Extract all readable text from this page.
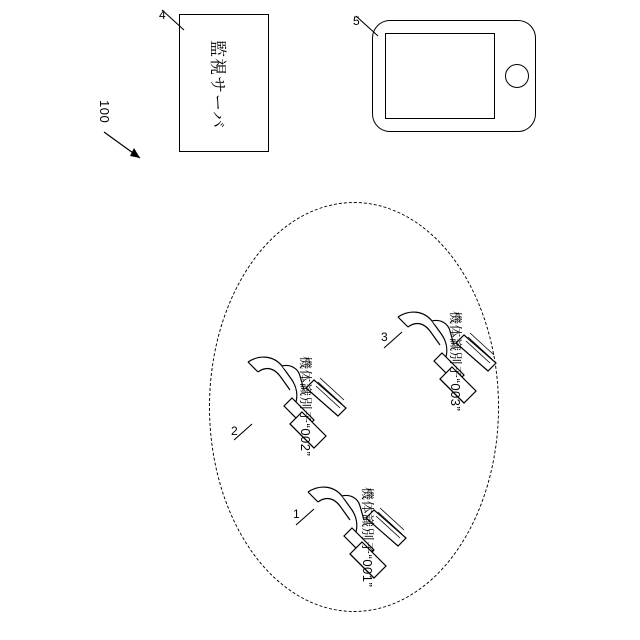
100	監視サーバ
4	5
2	機体識別子“002”
3	機体識別子“003”
1	機体識別子“001”
